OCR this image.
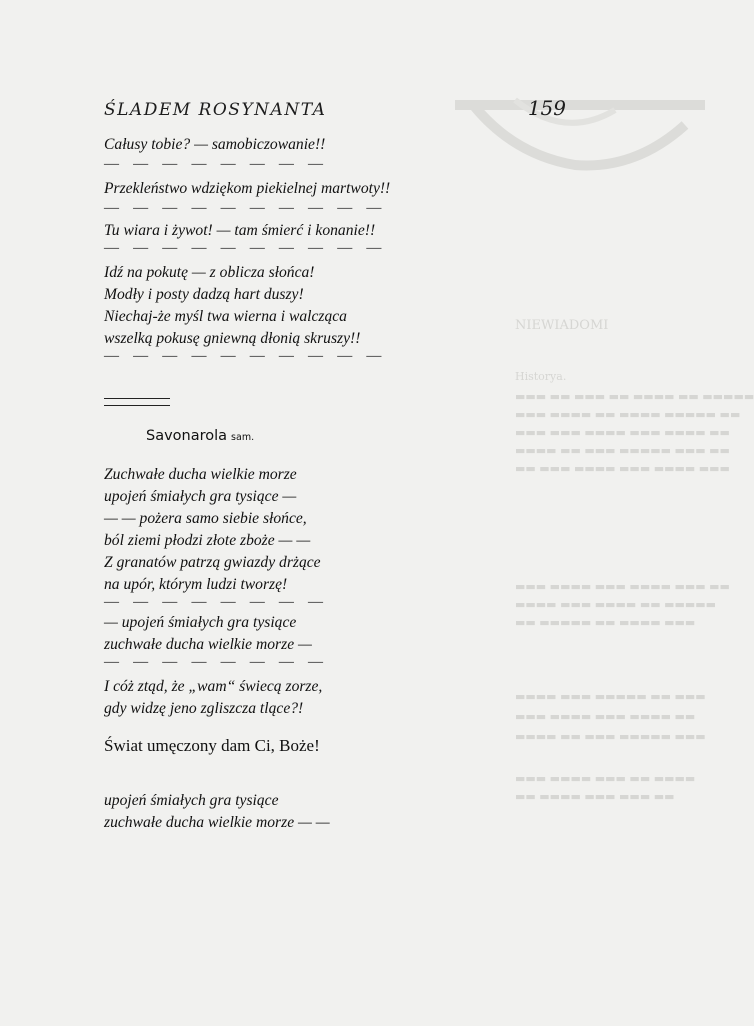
NIEWIADOMI
Historya.
▬▬▬ ▬▬ ▬▬▬ ▬▬ ▬▬▬▬ ▬▬ ▬▬▬▬▬
▬▬▬ ▬▬▬▬ ▬▬ ▬▬▬▬ ▬▬▬▬▬ ▬▬
▬▬▬ ▬▬▬ ▬▬▬▬ ▬▬▬ ▬▬▬▬ ▬▬
▬▬▬▬ ▬▬ ▬▬▬ ▬▬▬▬▬ ▬▬▬ ▬▬
▬▬ ▬▬▬ ▬▬▬▬ ▬▬▬ ▬▬▬▬ ▬▬▬
▬▬▬ ▬▬▬▬ ▬▬▬ ▬▬▬▬ ▬▬▬ ▬▬
▬▬▬▬ ▬▬▬ ▬▬▬▬ ▬▬ ▬▬▬▬▬
▬▬ ▬▬▬▬▬ ▬▬ ▬▬▬▬ ▬▬▬
▬▬▬▬ ▬▬▬ ▬▬▬▬▬ ▬▬ ▬▬▬
▬▬▬ ▬▬▬▬ ▬▬▬ ▬▬▬▬ ▬▬
▬▬▬▬ ▬▬ ▬▬▬ ▬▬▬▬▬ ▬▬▬
▬▬▬ ▬▬▬▬ ▬▬▬ ▬▬ ▬▬▬▬
▬▬ ▬▬▬▬ ▬▬▬ ▬▬▬ ▬▬
ŚLADEM ROSYNANTA	159

Całusy tobie? — samobiczowanie!!

— — — — — — — —

Przekleństwo wdziękom piekielnej martwoty!!

— — — — — — — — — —

Tu wiara i żywot! — tam śmierć i konanie!!

— — — — — — — — — —

Idź na pokutę — z oblicza słońca!

Modły i posty dadzą hart duszy!

Niechaj-że myśl twa wierna i walcząca

wszelką pokusę gniewną dłonią skruszy!!

— — — — — — — — — —
Savonarola sam.

Zuchwałe ducha wielkie morze

upojeń śmiałych gra tysiące —

— — pożera samo siebie słońce,

ból ziemi płodzi złote zboże — —

Z granatów patrzą gwiazdy drżące

na upór, którym ludzi tworzę!

— — — — — — — —

— upojeń śmiałych gra tysiące

zuchwałe ducha wielkie morze —

— — — — — — — —

I cóż ztąd, że „wam“ świecą zorze,

gdy widzę jeno zgliszcza tlące?!

Świat umęczony dam Ci, Boże!

upojeń śmiałych gra tysiące

zuchwałe ducha wielkie morze — —
